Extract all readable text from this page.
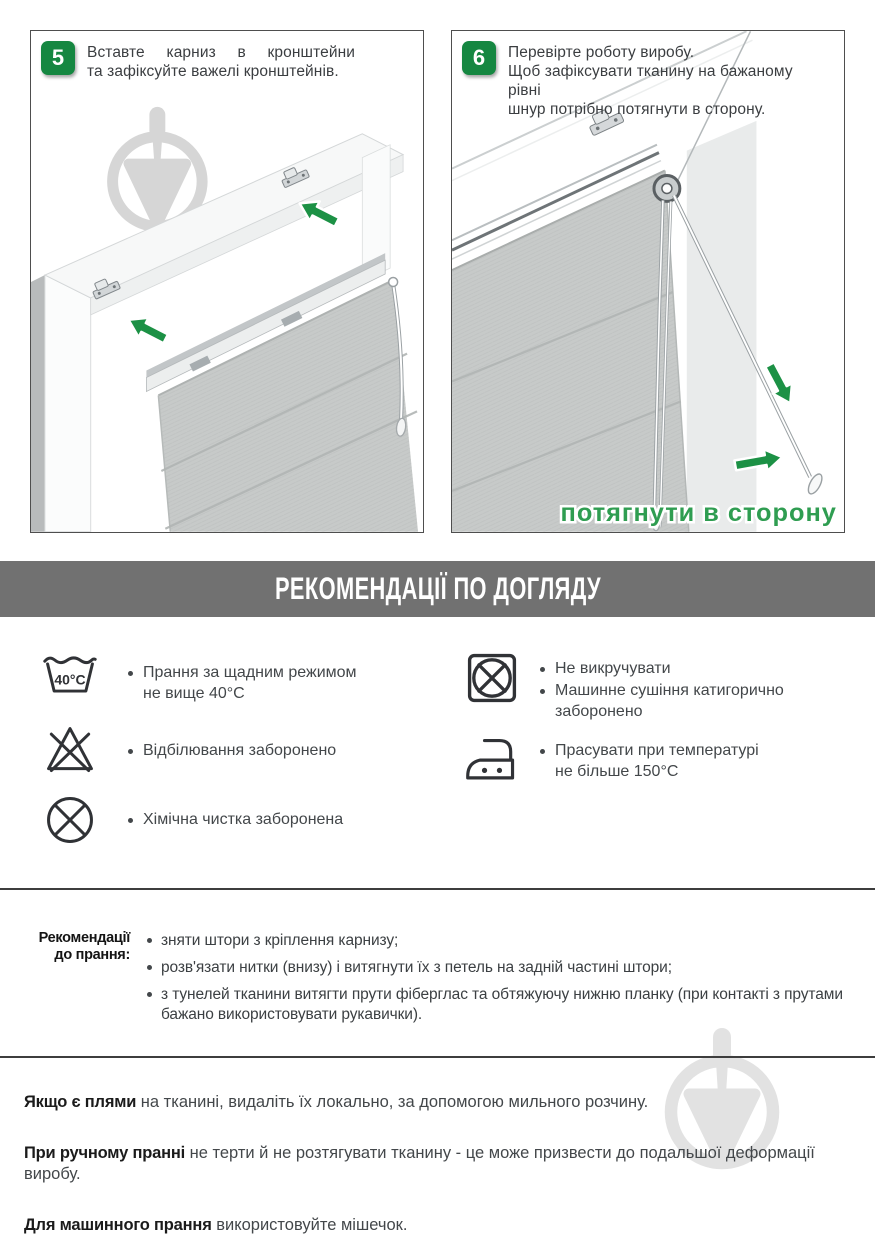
5	Вставте карниз в кронштейни
та зафіксуйте важелі кронштейнів.
потягнути в сторону
6	Перевірте роботу виробу.
Щоб зафіксувати тканину на бажаному рівні
шнур потрібно потягнути в сторону.
РЕКОМЕНДАЦІЇ ПО ДОГЛЯДУ
40°C	Прання за щадним режимом
не вище 40°С
Відбілювання заборонено
Хімічна чистка заборонена
Не викручувати
Машинне сушіння катигорично
заборонено
Прасувати при температурі
не більше 150°С
Рекомендації
до прання:
зняти штори з кріплення карнизу;
розв'язати нитки (внизу) і витягнути їх з петель на задній частині штори;
з тунелей тканини витягти прути фіберглас та обтяжуючу нижню планку (при контакті з прутами бажано використовувати рукавички).
Якщо є плями на тканині, видаліть їх локально, за допомогою мильного розчину.
При ручному пранні не терти й не розтягувати тканину - це може призвести до подальшої деформації виробу.
Для машинного прання використовуйте мішечок.
